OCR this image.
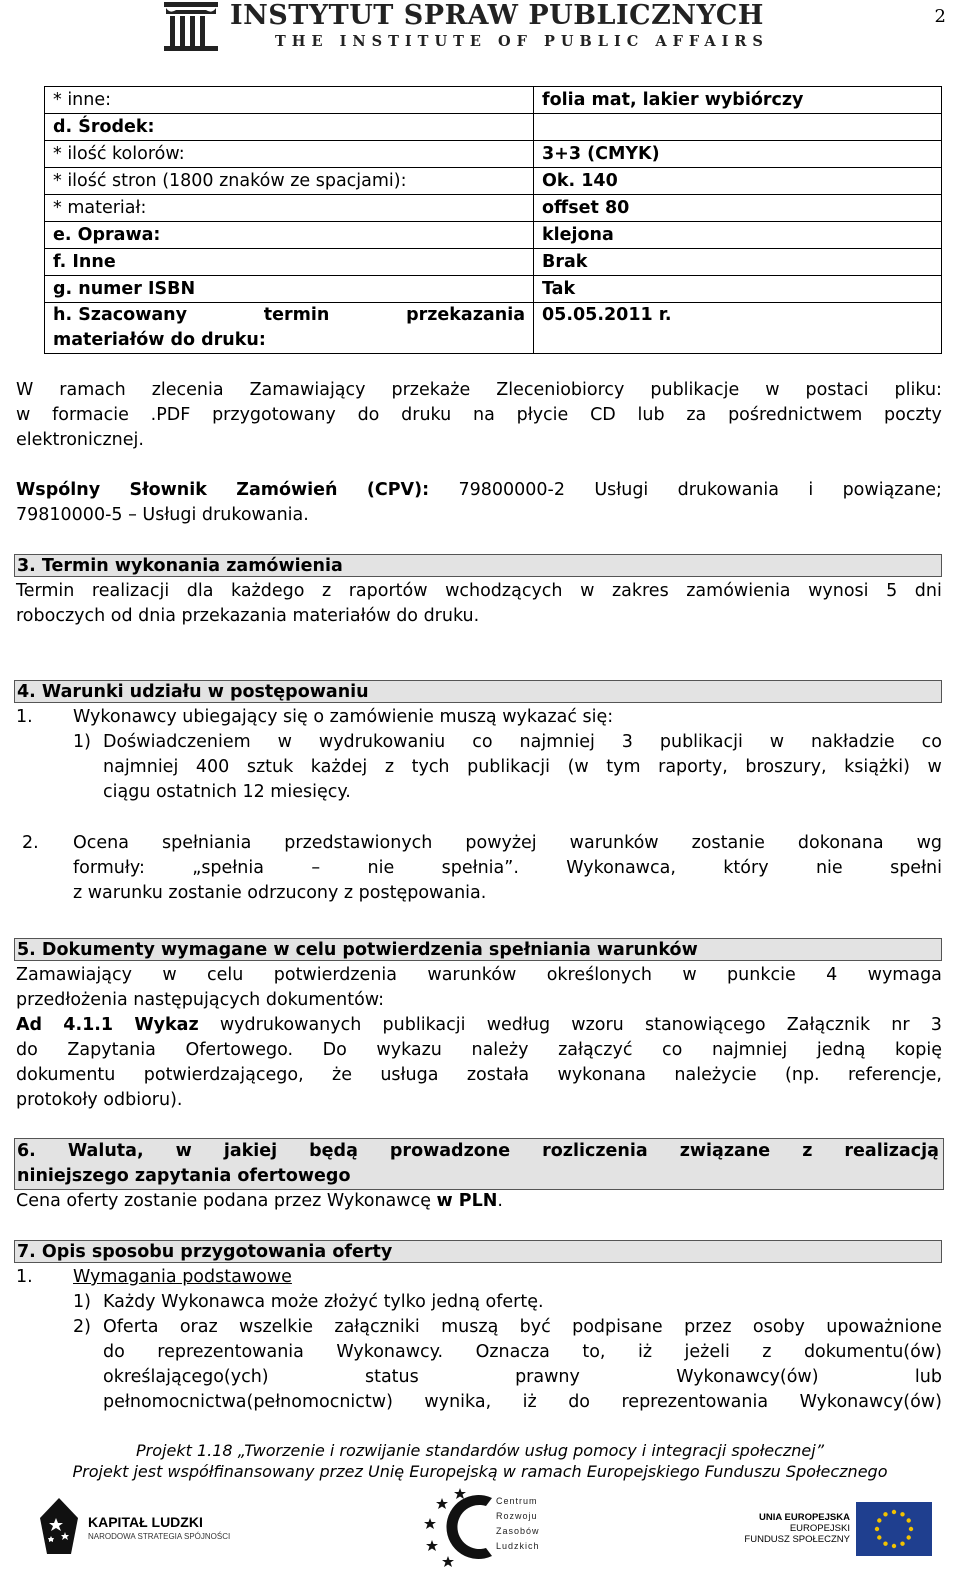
INSTYTUT SPRAW PUBLICZNYCH
THE INSTITUTE OF PUBLIC AFFAIRS
2
* inne:	folia mat, lakier wybiórczy
d. Środek:	
* ilość kolorów:	3+3 (CMYK)
* ilość stron (1800 znaków ze spacjami):	Ok. 140
* materiał:	offset 80
e. Oprawa:	klejona
f. Inne	Brak
g. numer ISBN	Tak

h. Szacowany termin przekazania
materiałów do druku:	05.05.2011 r.
W ramach zlecenia Zamawiający przekaże Zleceniobiorcy publikacje w postaci pliku:
w formacie .PDF przygotowany do druku na płycie CD lub za pośrednictwem poczty
elektronicznej.
Wspólny Słownik Zamówień (CPV): 79800000-2 Usługi drukowania i powiązane;
79810000-5 – Usługi drukowania.
3. Termin wykonania zamówienia
Termin realizacji dla każdego z raportów wchodzących w zakres zamówienia wynosi 5 dni
roboczych od dnia przekazania materiałów do druku.
4. Warunki udziału w postępowaniu
1. Wykonawcy ubiegający się o zamówienie muszą wykazać się:
1) Doświadczeniem w wydrukowaniu co najmniej 3 publikacji w nakładzie co
najmniej 400 sztuk każdej z tych publikacji (w tym raporty, broszury, książki) w
ciągu ostatnich 12 miesięcy.
2. Ocena spełniania przedstawionych powyżej warunków zostanie dokonana wg
formuły:	„spełnia	–	nie	spełnia”.	Wykonawca,	który	nie	spełni
z warunku zostanie odrzucony z postępowania.
5. Dokumenty wymagane w celu potwierdzenia spełniania warunków
Zamawiający w celu potwierdzenia warunków określonych w punkcie 4 wymaga
przedłożenia następujących dokumentów:
Ad 4.1.1 Wykaz wydrukowanych publikacji według wzoru stanowiącego Załącznik nr 3
do Zapytania Ofertowego. Do wykazu należy załączyć co najmniej jedną kopię
dokumentu potwierdzającego, że usługa została wykonana należycie (np. referencje,
protokoły odbioru).
6. Waluta, w jakiej będą prowadzone rozliczenia związane z realizacją
niniejszego zapytania ofertowego
Cena oferty zostanie podana przez Wykonawcę w PLN.
7. Opis sposobu przygotowania oferty
1. Wymagania podstawowe
1) Każdy Wykonawca może złożyć tylko jedną ofertę.
2) Oferta oraz wszelkie załączniki muszą być podpisane przez osoby upoważnione
do reprezentowania Wykonawcy. Oznacza to, iż jeżeli z dokumentu(ów)
określającego(ych)	status	prawny	Wykonawcy(ów)	lub
pełnomocnictwa(pełnomocnictw) wynika, iż do reprezentowania Wykonawcy(ów)
Projekt 1.18 „Tworzenie i rozwijanie standardów usług pomocy i integracji społecznej”
Projekt jest współfinansowany przez Unię Europejską w ramach Europejskiego Funduszu Społecznego
KAPITAŁ LUDZKI
NARODOWA STRATEGIA SPÓJNOŚCI
Centrum
Rozwoju
Zasobów
Ludzkich
UNIA EUROPEJSKA
EUROPEJSKI
FUNDUSZ SPOŁECZNY
